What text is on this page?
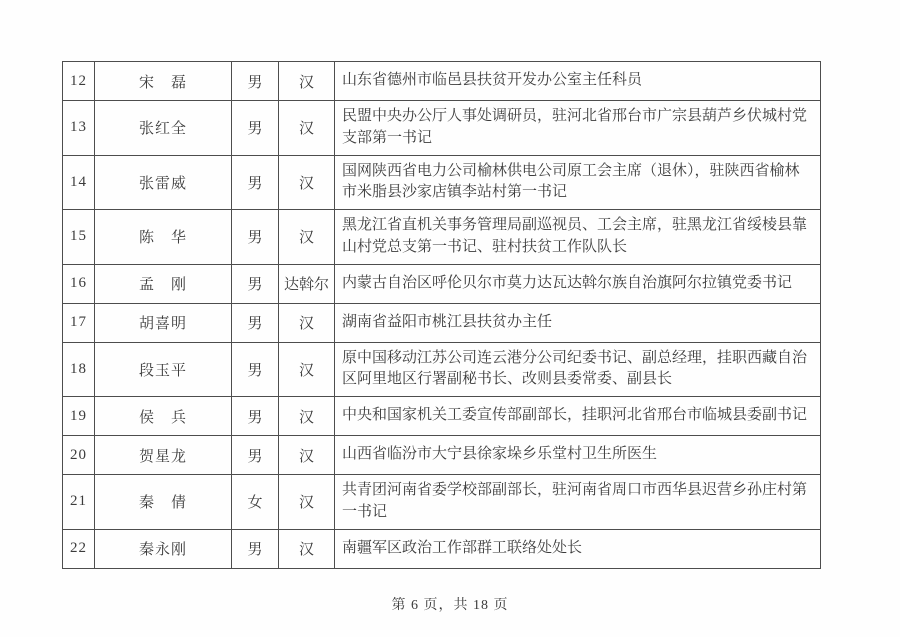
12	宋　磊	男	汉	山东省德州市临邑县扶贫开发办公室主任科员
13	张红全	男	汉	民盟中央办公厅人事处调研员，驻河北省邢台市广宗县葫芦乡伏城村党支部第一书记
14	张雷威	男	汉	国网陕西省电力公司榆林供电公司原工会主席（退休），驻陕西省榆林市米脂县沙家店镇李站村第一书记
15	陈　华	男	汉	黑龙江省直机关事务管理局副巡视员、工会主席，驻黑龙江省绥棱县靠山村党总支第一书记、驻村扶贫工作队队长
16	孟　刚	男	达斡尔	内蒙古自治区呼伦贝尔市莫力达瓦达斡尔族自治旗阿尔拉镇党委书记
17	胡喜明	男	汉	湖南省益阳市桃江县扶贫办主任
18	段玉平	男	汉	原中国移动江苏公司连云港分公司纪委书记、副总经理，挂职西藏自治区阿里地区行署副秘书长、改则县委常委、副县长
19	侯　兵	男	汉	中央和国家机关工委宣传部副部长，挂职河北省邢台市临城县委副书记
20	贺星龙	男	汉	山西省临汾市大宁县徐家垛乡乐堂村卫生所医生
21	秦　倩	女	汉	共青团河南省委学校部副部长，驻河南省周口市西华县迟营乡孙庄村第一书记
22	秦永刚	男	汉	南疆军区政治工作部群工联络处处长
第 6 页，共 18 页
